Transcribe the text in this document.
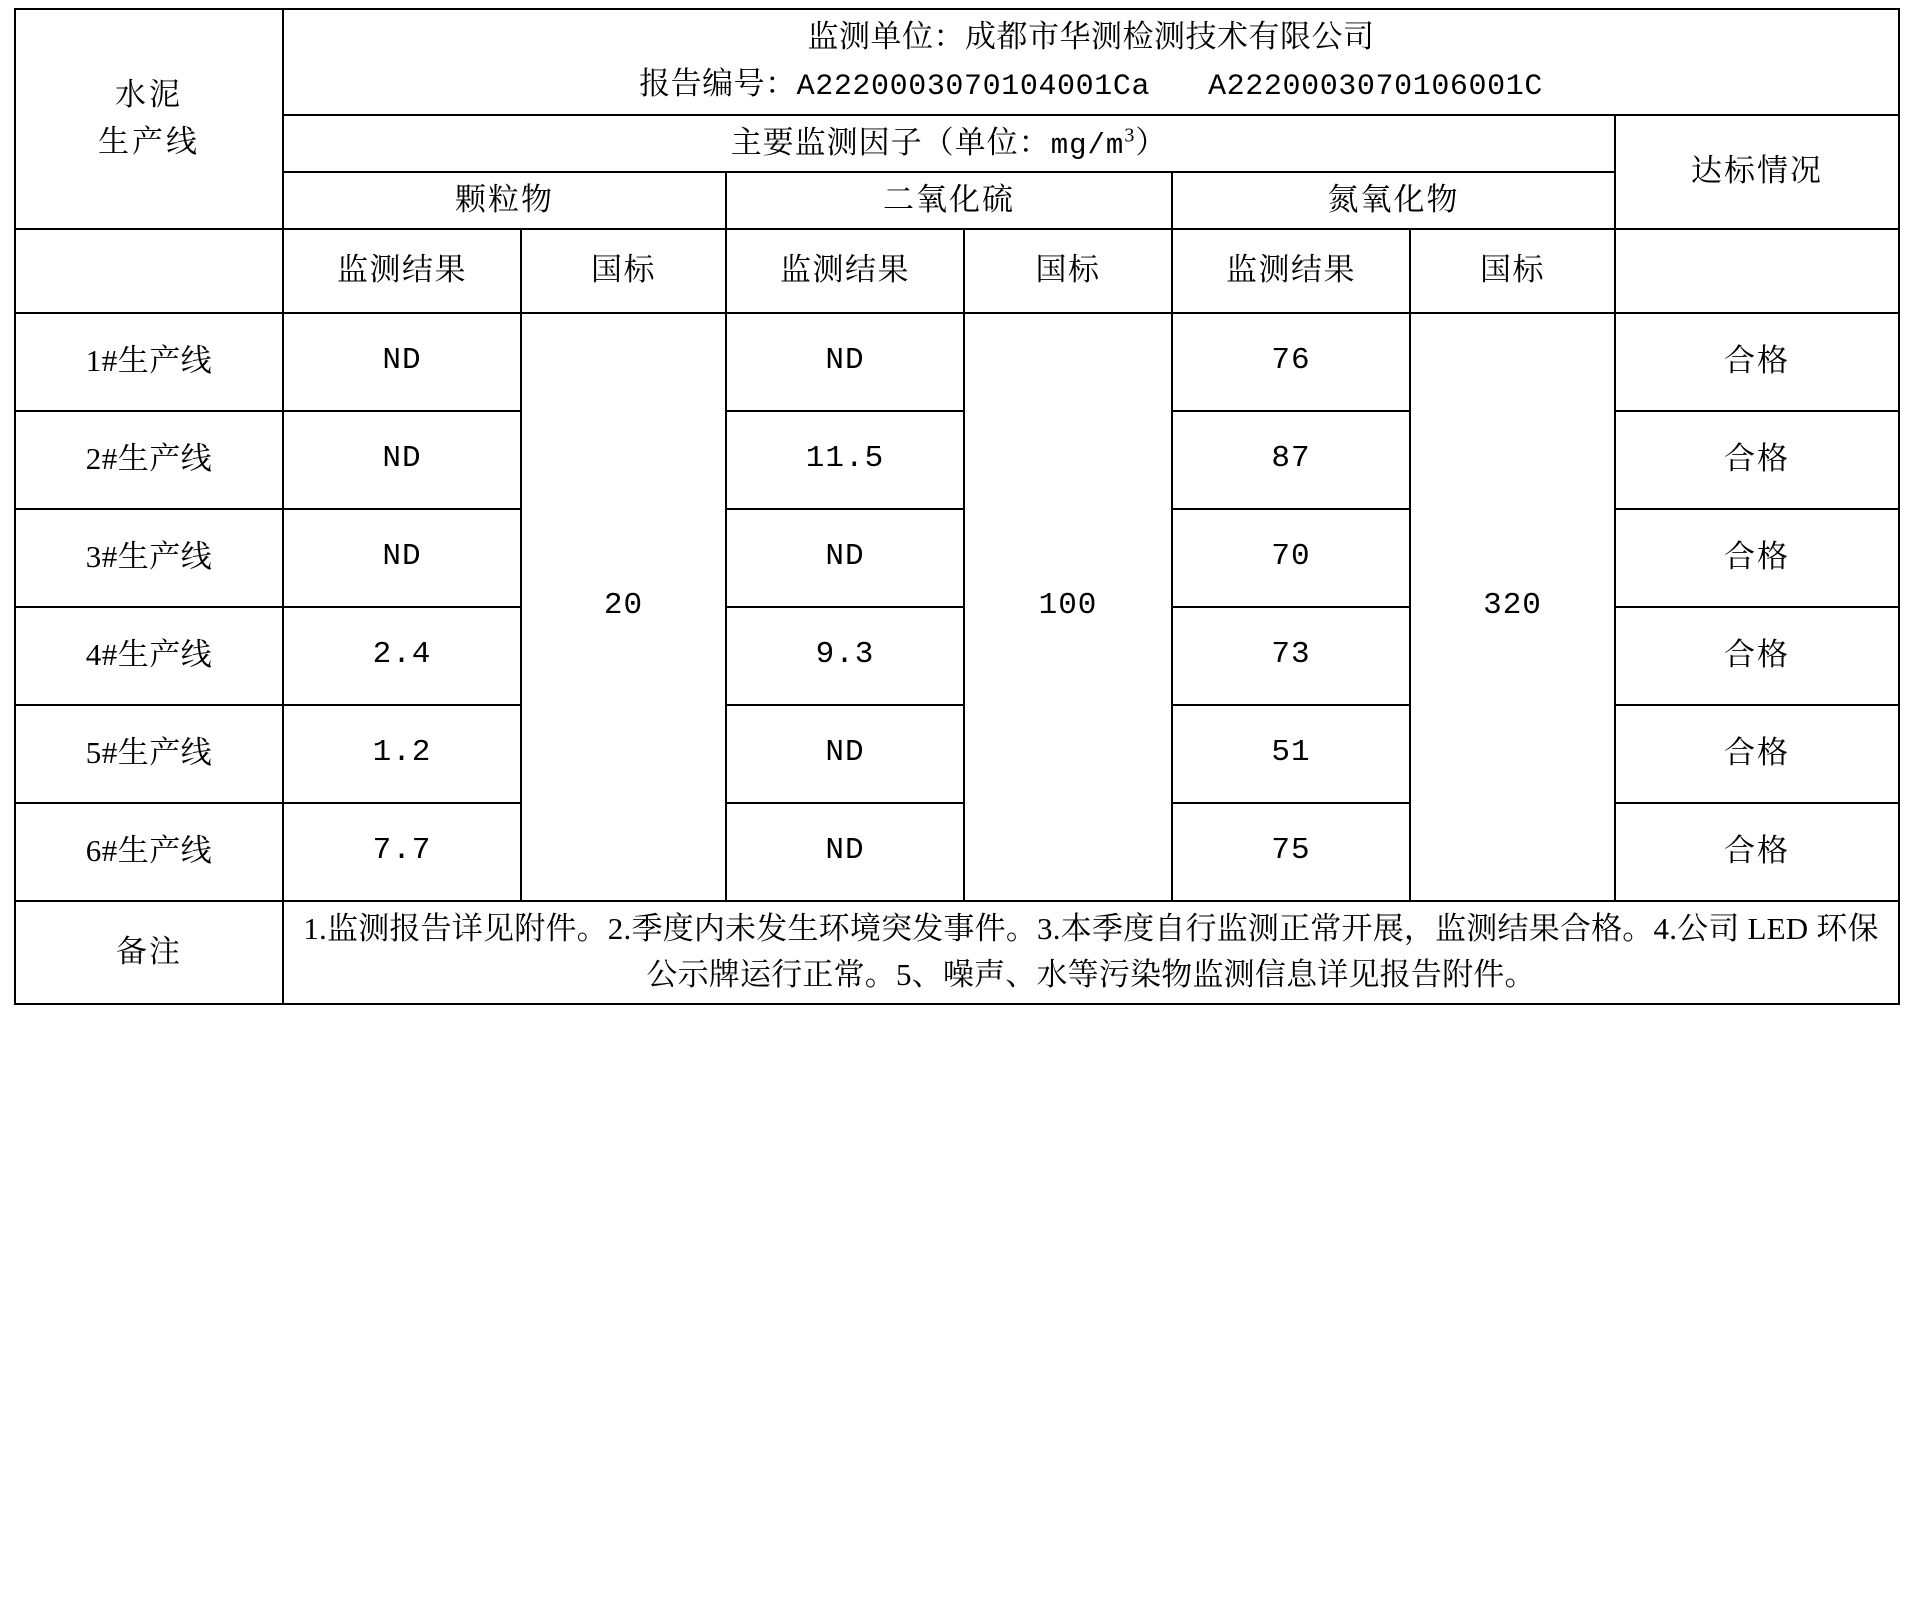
水泥
生产线

监测单位：成都市华测检测技术有限公司
报告编号：A2220003070104001Ca A2220003070106001C

	主要监测因子（单位：$mg/m^3$）						达标情况
	颗粒物		二氧化硫		氮氧化物		
	监测结果	国标	监测结果	国标	监测结果	国标	
1#生产线	ND	20	ND	100	76	320	合格
2#生产线	ND		11.5		87		合格
3#生产线	ND		ND		70		合格
4#生产线	2.4		9.3		73		合格
5#生产线	1.2		ND		51		合格
6#生产线	7.7		ND		75		合格
备注	1.监测报告详见附件。2.季度内未发生环境突发事件。3.本季度自行监测正常开展，监测结果合格。4.公司 LED 环保公示牌运行正常。5、噪声、水等污染物监测信息详见报告附件。						
